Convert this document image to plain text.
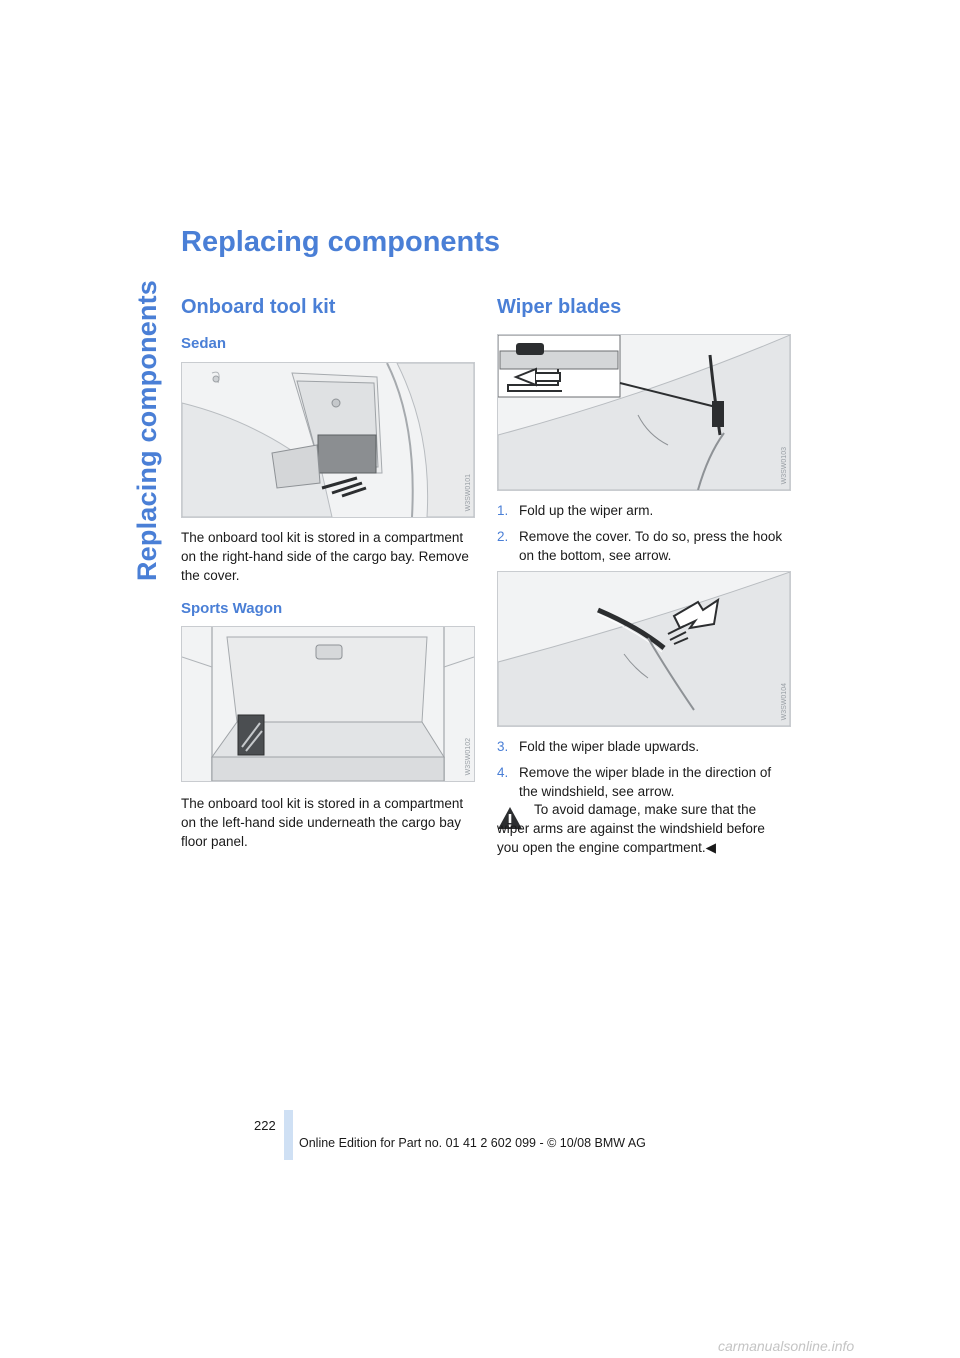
Replacing components
Replacing components
Onboard tool kit
Sedan
W3SW0101

The onboard tool kit is stored in a compartment on the right-hand side of the cargo bay. Remove the cover.

Sports Wagon
W3SW0102

The onboard tool kit is stored in a compartment on the left-hand side underneath the cargo bay floor panel.

Wiper blades
W3SW0103
1. Fold up the wiper arm.
2. Remove the cover. To do so, press the hook on the bottom, see arrow.
W3SW0104
3. Fold the wiper blade upwards.
4. Remove the wiper blade in the direction of the windshield, see arrow.

To avoid damage, make sure that the wiper arms are against the windshield before you open the engine compartment.◀

222
Online Edition for Part no. 01 41 2 602 099 - © 10/08 BMW AG
carmanualsonline.info
